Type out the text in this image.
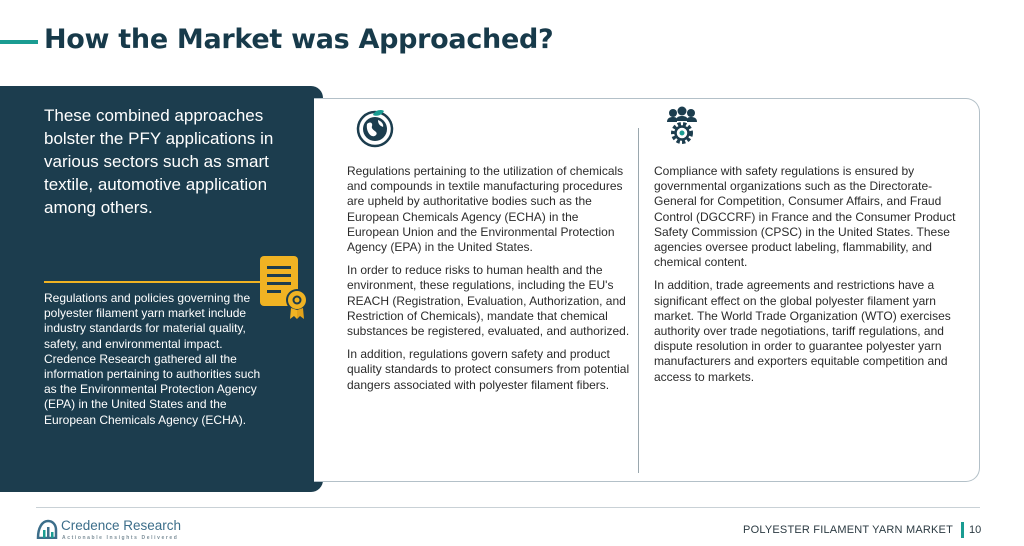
How the Market was Approached?

These combined approaches bolster the PFY applications in various sectors such as smart textile, automotive application among others.

Regulations and policies governing the polyester filament yarn market include industry standards for material quality, safety, and environmental impact. Credence Research gathered all the information pertaining to authorities such as the Environmental Protection Agency (EPA) in the United States and the European Chemicals Agency (ECHA).

Regulations pertaining to the utilization of chemicals and compounds in textile manufacturing procedures are upheld by authoritative bodies such as the European Chemicals Agency (ECHA) in the European Union and the Environmental Protection Agency (EPA) in the United States.

In order to reduce risks to human health and the environment, these regulations, including the EU's REACH (Registration, Evaluation, Authorization, and Restriction of Chemicals), mandate that chemical substances be registered, evaluated, and authorized.

In addition, regulations govern safety and product quality standards to protect consumers from potential dangers associated with polyester filament fibers.

Compliance with safety regulations is ensured by governmental organizations such as the Directorate-General for Competition, Consumer Affairs, and Fraud Control (DGCCRF) in France and the Consumer Product Safety Commission (CPSC) in the United States. These agencies oversee product labeling, flammability, and chemical content.

In addition, trade agreements and restrictions have a significant effect on the global polyester filament yarn market. The World Trade Organization (WTO) exercises authority over trade negotiations, tariff regulations, and dispute resolution in order to guarantee polyester yarn manufacturers and exporters equitable competition and access to markets.

Credence Research

Actionable Insights Delivered

POLYESTER FILAMENT YARN MARKET 10
